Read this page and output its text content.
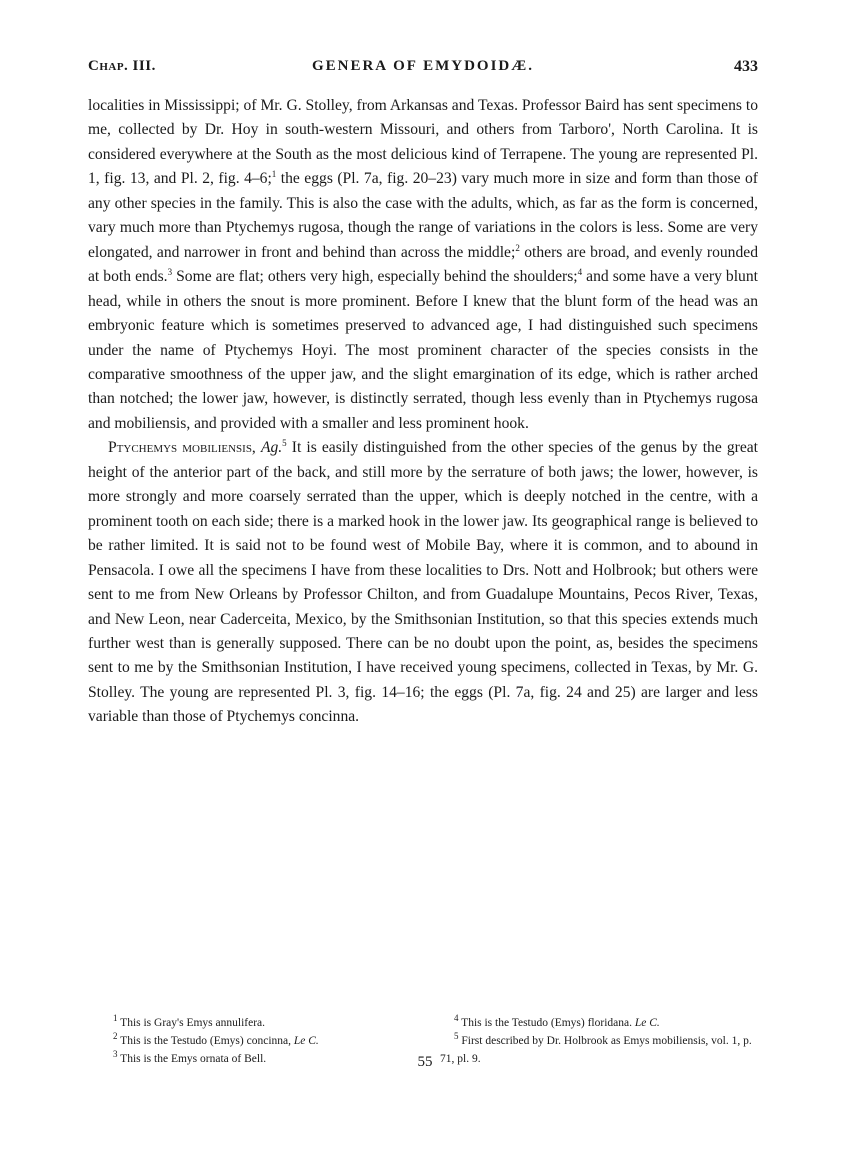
Chap. III.	GENERA OF EMYDOIDÆ.	433

localities in Mississippi; of Mr. G. Stolley, from Arkansas and Texas. Professor Baird has sent specimens to me, collected by Dr. Hoy in south-western Missouri, and others from Tarboro', North Carolina. It is considered everywhere at the South as the most delicious kind of Terrapene. The young are represented Pl. 1, fig. 13, and Pl. 2, fig. 4–6;$^1$ the eggs (Pl. 7a, fig. 20–23) vary much more in size and form than those of any other species in the family. This is also the case with the adults, which, as far as the form is concerned, vary much more than Ptychemys rugosa, though the range of variations in the colors is less. Some are very elongated, and narrower in front and behind than across the middle;$^2$ others are broad, and evenly rounded at both ends.$^3$ Some are flat; others very high, especially behind the shoulders;$^4$ and some have a very blunt head, while in others the snout is more prominent. Before I knew that the blunt form of the head was an embryonic feature which is sometimes preserved to advanced age, I had distinguished such specimens under the name of Ptychemys Hoyi. The most prominent character of the species consists in the comparative smoothness of the upper jaw, and the slight emargination of its edge, which is rather arched than notched; the lower jaw, however, is distinctly serrated, though less evenly than in Ptychemys rugosa and mobiliensis, and provided with a smaller and less prominent hook.

Ptychemys mobiliensis, Ag.$^5$ It is easily distinguished from the other species of the genus by the great height of the anterior part of the back, and still more by the serrature of both jaws; the lower, however, is more strongly and more coarsely serrated than the upper, which is deeply notched in the centre, with a prominent tooth on each side; there is a marked hook in the lower jaw. Its geographical range is believed to be rather limited. It is said not to be found west of Mobile Bay, where it is common, and to abound in Pensacola. I owe all the specimens I have from these localities to Drs. Nott and Holbrook; but others were sent to me from New Orleans by Professor Chilton, and from Guadalupe Mountains, Pecos River, Texas, and New Leon, near Caderceita, Mexico, by the Smithsonian Institution, so that this species extends much further west than is generally supposed. There can be no doubt upon the point, as, besides the specimens sent to me by the Smithsonian Institution, I have received young specimens, collected in Texas, by Mr. G. Stolley. The young are represented Pl. 3, fig. 14–16; the eggs (Pl. 7a, fig. 24 and 25) are larger and less variable than those of Ptychemys concinna.

$^1$ This is Gray's Emys annulifera.
$^2$ This is the Testudo (Emys) concinna, Le C.
$^3$ This is the Emys ornata of Bell.
$^4$ This is the Testudo (Emys) floridana. Le C.
$^5$ First described by Dr. Holbrook as Emys mobiliensis, vol. 1, p. 71, pl. 9.
55
